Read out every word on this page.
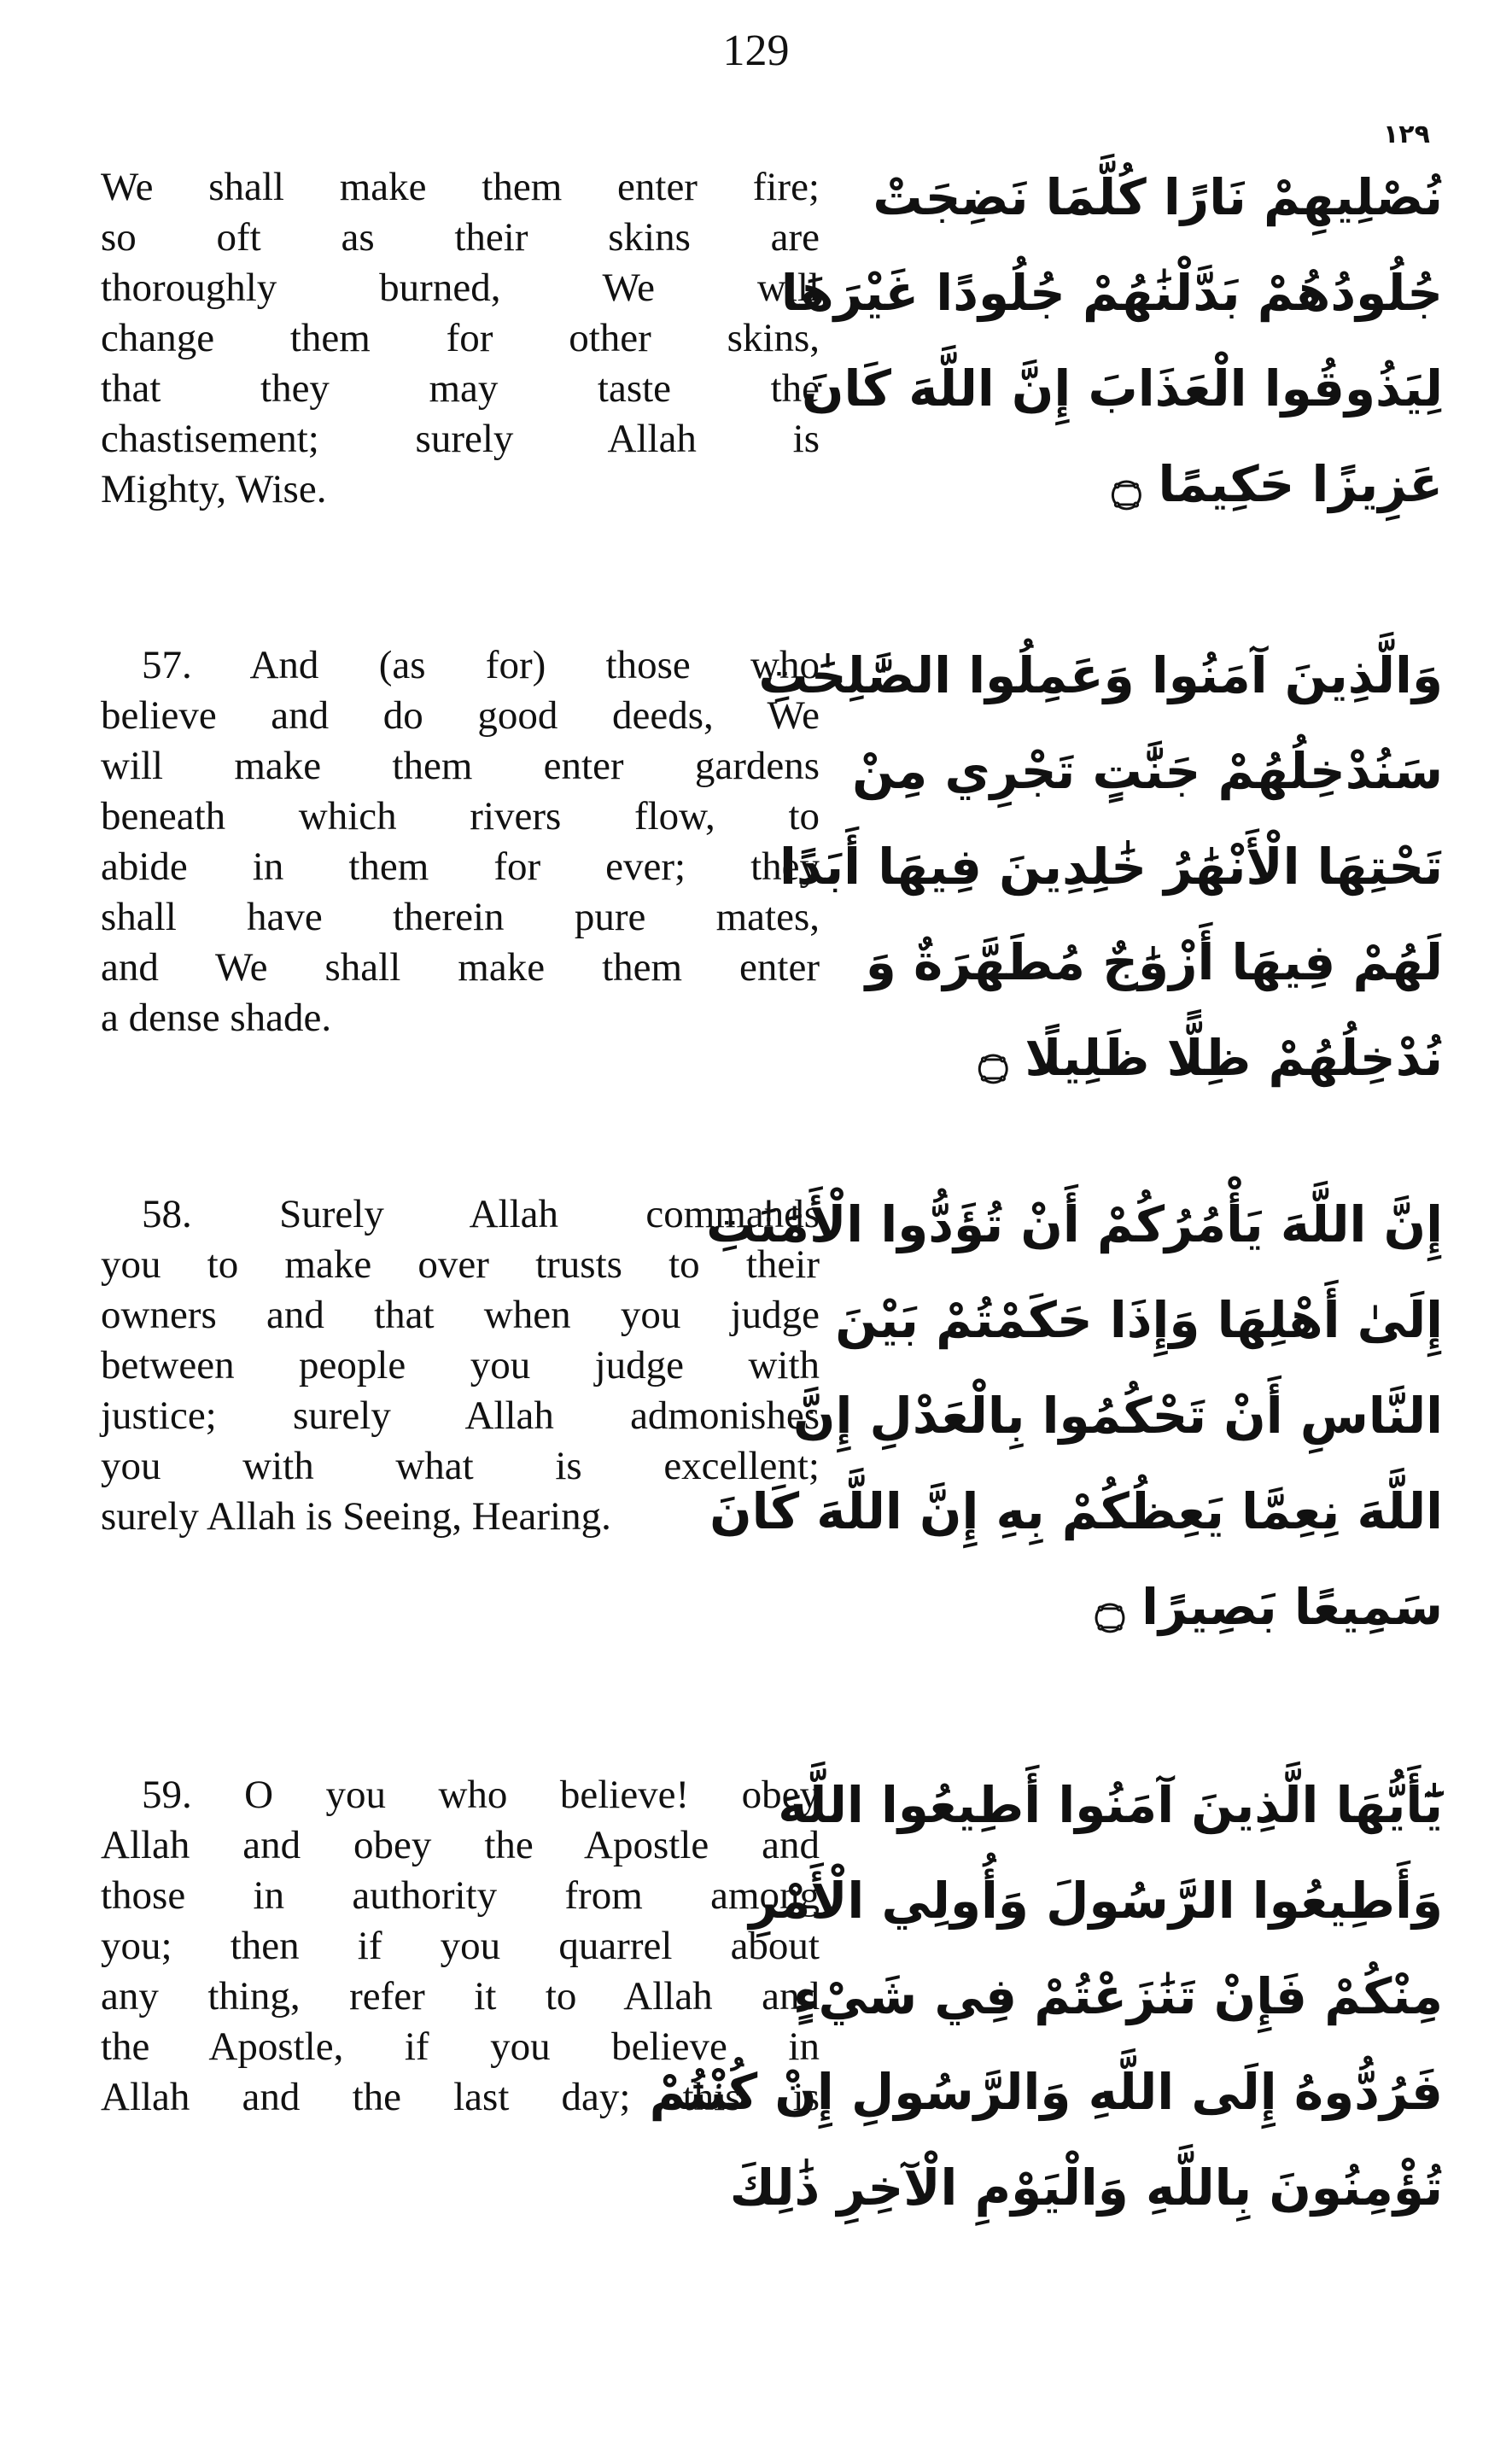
129
١٢٩
We shall make them enter fire;
so oft as their skins are
thoroughly burned, We will
change them for other skins,
that they may taste the
chastisement; surely Allah is
Mighty, Wise.
نُصْلِيهِمْ نَارًا كُلَّمَا نَضِجَتْ
جُلُودُهُمْ بَدَّلْنَٰهُمْ جُلُودًا غَيْرَهَا
لِيَذُوقُوا الْعَذَابَ إِنَّ اللَّهَ كَانَ
عَزِيزًا حَكِيمًا ۝
57. And (as for) those who
believe and do good deeds, We
will make them enter gardens
beneath which rivers flow, to
abide in them for ever; they
shall have therein pure mates,
and We shall make them enter
a dense shade.
وَالَّذِينَ آمَنُوا وَعَمِلُوا الصَّٰلِحَٰتِ
سَنُدْخِلُهُمْ جَنَّٰتٍ تَجْرِي مِنْ
تَحْتِهَا الْأَنْهَٰرُ خَٰلِدِينَ فِيهَا أَبَدًا
لَهُمْ فِيهَا أَزْوَٰجٌ مُطَهَّرَةٌ وَ
نُدْخِلُهُمْ ظِلًّا ظَلِيلًا ۝
58. Surely Allah commands
you to make over trusts to their
owners and that when you judge
between people you judge with
justice; surely Allah admonishes
you with what is excellent;
surely Allah is Seeing, Hearing.
إِنَّ اللَّهَ يَأْمُرُكُمْ أَنْ تُؤَدُّوا الْأَمَٰنَٰتِ
إِلَىٰ أَهْلِهَا وَإِذَا حَكَمْتُمْ بَيْنَ
النَّاسِ أَنْ تَحْكُمُوا بِالْعَدْلِ إِنَّ
اللَّهَ نِعِمَّا يَعِظُكُمْ بِهِ إِنَّ اللَّهَ كَانَ
سَمِيعًا بَصِيرًا ۝
59. O you who believe! obey
Allah and obey the Apostle and
those in authority from among
you; then if you quarrel about
any thing, refer it to Allah and
the Apostle, if you believe in
Allah and the last day; this is
يَٰٓأَيُّهَا الَّذِينَ آمَنُوا أَطِيعُوا اللَّهَ
وَأَطِيعُوا الرَّسُولَ وَأُولِي الْأَمْرِ
مِنْكُمْ فَإِنْ تَنَٰزَعْتُمْ فِي شَيْءٍ
فَرُدُّوهُ إِلَى اللَّهِ وَالرَّسُولِ إِنْ كُنْتُمْ
تُؤْمِنُونَ بِاللَّهِ وَالْيَوْمِ الْآخِرِ ذَٰلِكَ
